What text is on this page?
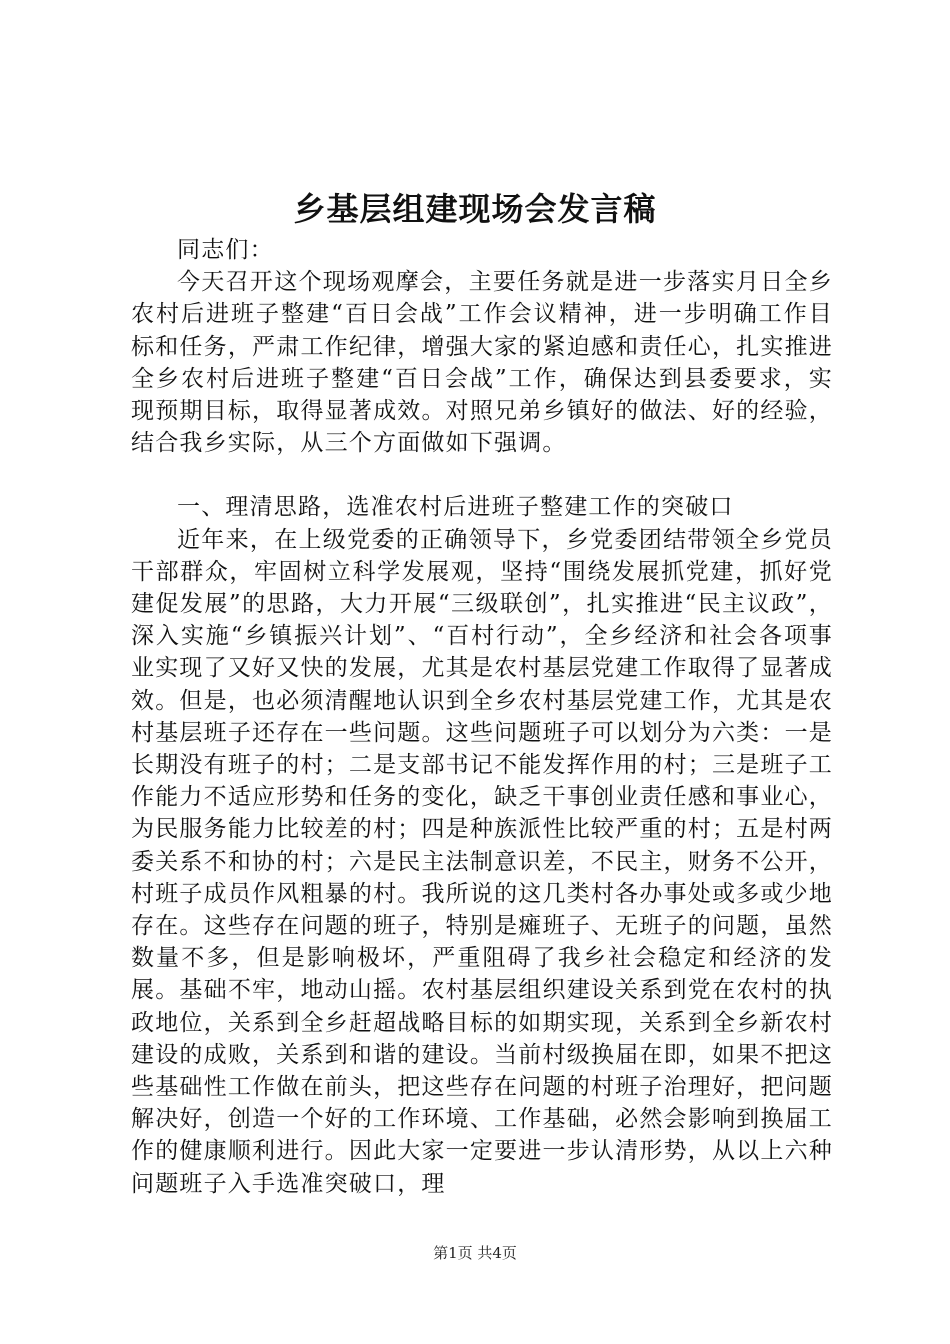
乡基层组建现场会发言稿

同志们：

今天召开这个现场观摩会，主要任务就是进一步落实月日全乡农村后进班子整建“百日会战”工作会议精神，进一步明确工作目标和任务，严肃工作纪律，增强大家的紧迫感和责任心，扎实推进全乡农村后进班子整建“百日会战”工作，确保达到县委要求，实现预期目标，取得显著成效。对照兄弟乡镇好的做法、好的经验，结合我乡实际，从三个方面做如下强调。

一、理清思路，选准农村后进班子整建工作的突破口

近年来，在上级党委的正确领导下，乡党委团结带领全乡党员干部群众，牢固树立科学发展观，坚持“围绕发展抓党建，抓好党建促发展”的思路，大力开展“三级联创”，扎实推进“民主议政”，深入实施“乡镇振兴计划”、“百村行动”，全乡经济和社会各项事业实现了又好又快的发展，尤其是农村基层党建工作取得了显著成效。但是，也必须清醒地认识到全乡农村基层党建工作，尤其是农村基层班子还存在一些问题。这些问题班子可以划分为六类：一是长期没有班子的村；二是支部书记不能发挥作用的村；三是班子工作能力不适应形势和任务的变化，缺乏干事创业责任感和事业心，为民服务能力比较差的村；四是种族派性比较严重的村；五是村两委关系不和协的村；六是民主法制意识差，不民主，财务不公开，村班子成员作风粗暴的村。我所说的这几类村各办事处或多或少地存在。这些存在问题的班子，特别是瘫班子、无班子的问题，虽然数量不多，但是影响极坏，严重阻碍了我乡社会稳定和经济的发展。基础不牢，地动山摇。农村基层组织建设关系到党在农村的执政地位，关系到全乡赶超战略目标的如期实现，关系到全乡新农村建设的成败，关系到和谐的建设。当前村级换届在即，如果不把这些基础性工作做在前头，把这些存在问题的村班子治理好，把问题解决好，创造一个好的工作环境、工作基础，必然会影响到换届工作的健康顺利进行。因此大家一定要进一步认清形势，从以上六种问题班子入手选准突破口，理

第1页 共4页
